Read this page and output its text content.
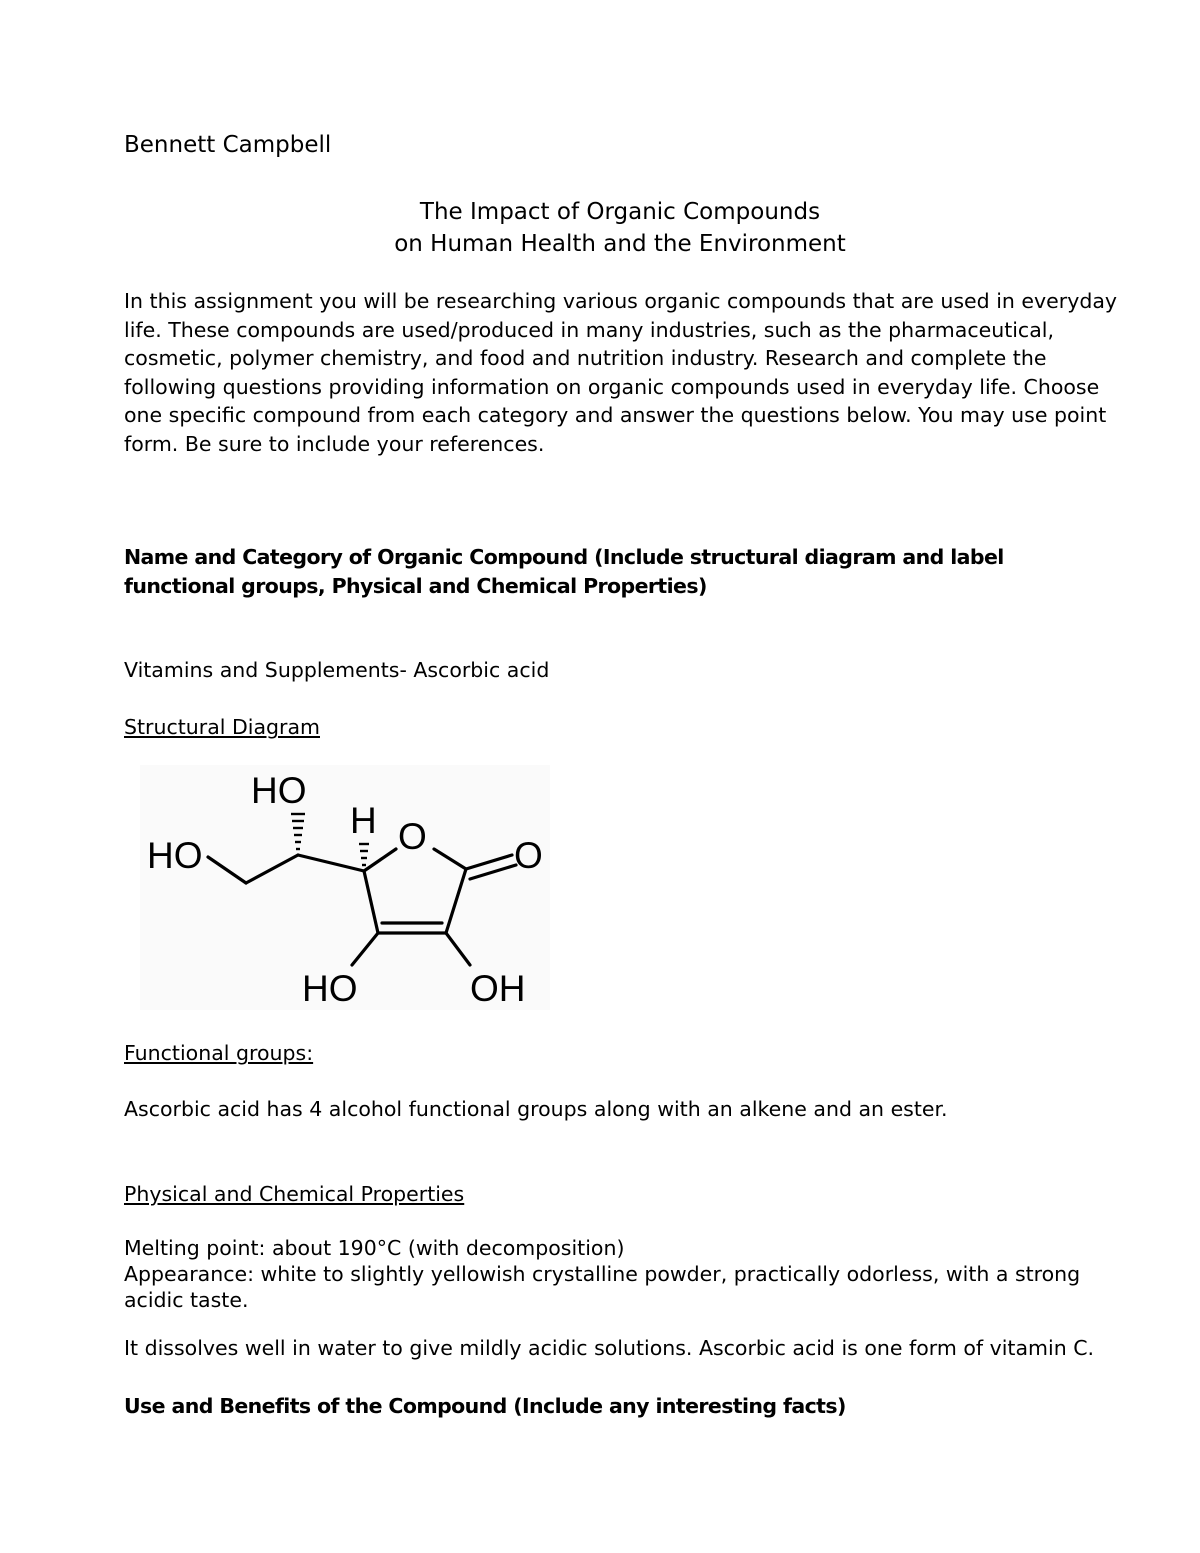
Bennett Campbell

The Impact of Organic Compounds
on Human Health and the Environment

In this assignment you will be researching various organic compounds that are used in everyday life. These compounds are used/produced in many industries, such as the pharmaceutical, cosmetic, polymer chemistry, and food and nutrition industry. Research and complete the following questions providing information on organic compounds used in everyday life. Choose one specific compound from each category and answer the questions below. You may use point form. Be sure to include your references.

Name and Category of Organic Compound (Include structural diagram and label functional groups, Physical and Chemical Properties)

Vitamins and Supplements- Ascorbic acid

Structural Diagram

HO
H
HO	O O
HO	OH

Functional groups:

Ascorbic acid has 4 alcohol functional groups along with an alkene and an ester.

Physical and Chemical Properties

Melting point: about 190°C (with decomposition)

Appearance: white to slightly yellowish crystalline powder, practically odorless, with a strong acidic taste.

It dissolves well in water to give mildly acidic solutions. Ascorbic acid is one form of vitamin C.

Use and Benefits of the Compound (Include any interesting facts)
